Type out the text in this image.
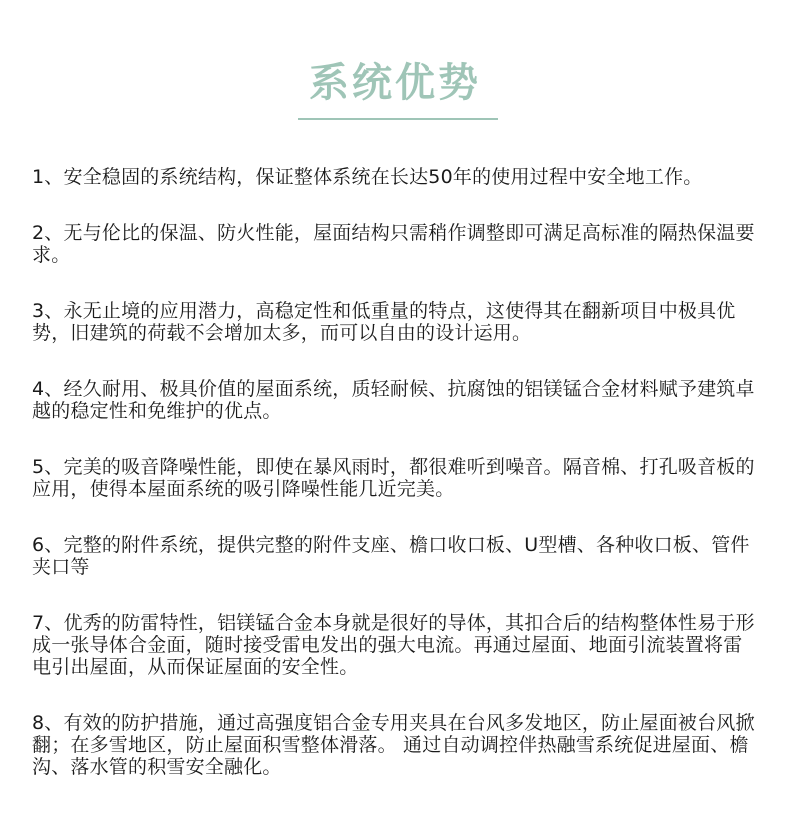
系统优势

1、安全稳固的系统结构，保证整体系统在长达50年的使用过程中安全地工作。

2、无与伦比的保温、防火性能，屋面结构只需稍作调整即可满足高标准的隔热保温要求。

3、永无止境的应用潜力，高稳定性和低重量的特点，这使得其在翻新项目中极具优势，旧建筑的荷载不会增加太多，而可以自由的设计运用。

4、经久耐用、极具价值的屋面系统，质轻耐候、抗腐蚀的铝镁锰合金材料赋予建筑卓越的稳定性和免维护的优点。

5、完美的吸音降噪性能，即使在暴风雨时，都很难听到噪音。隔音棉、打孔吸音板的应用，使得本屋面系统的吸引降噪性能几近完美。

6、完整的附件系统，提供完整的附件支座、檐口收口板、U型槽、各种收口板、管件夹口等

7、优秀的防雷特性，铝镁锰合金本身就是很好的导体，其扣合后的结构整体性易于形成一张导体合金面，随时接受雷电发出的强大电流。再通过屋面、地面引流装置将雷电引出屋面，从而保证屋面的安全性。

8、有效的防护措施，通过高强度铝合金专用夹具在台风多发地区，防止屋面被台风掀翻；在多雪地区，防止屋面积雪整体滑落。 通过自动调控伴热融雪系统促进屋面、檐沟、落水管的积雪安全融化。
